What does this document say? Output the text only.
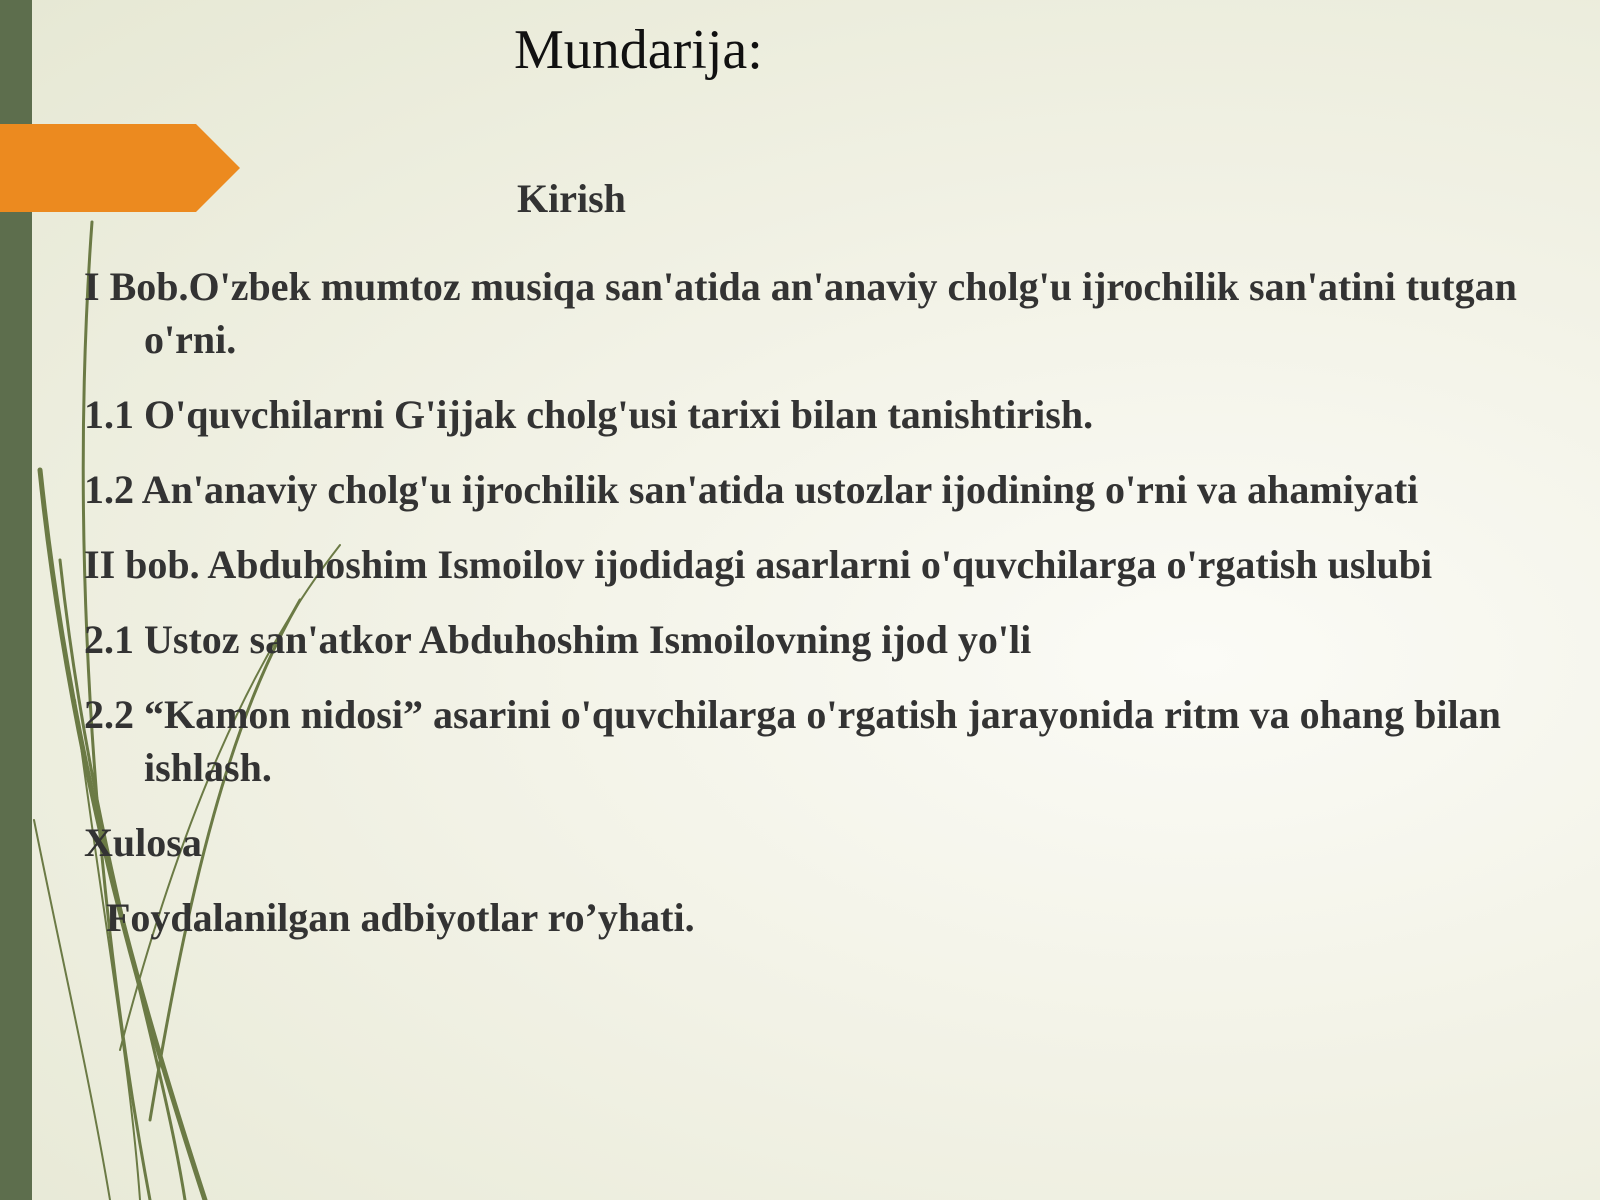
Mundarija:
Kirish
I Bob.O'zbek mumtoz musiqa san'atida an'anaviy cholg'u ijrochilik san'atini tutgan o'rni.
1.1 O'quvchilarni G'ijjak cholg'usi tarixi bilan tanishtirish.
1.2 An'anaviy cholg'u ijrochilik san'atida ustozlar ijodining o'rni va ahamiyati
II bob. Abduhoshim Ismoilov ijodidagi asarlarni o'quvchilarga o'rgatish uslubi
2.1 Ustoz san'atkor Abduhoshim Ismoilovning ijod yo'li
2.2 “Kamon nidosi” asarini o'quvchilarga o'rgatish jarayonida ritm va ohang bilan ishlash.
Xulosa
Foydalanilgan adbiyotlar ro’yhati.
